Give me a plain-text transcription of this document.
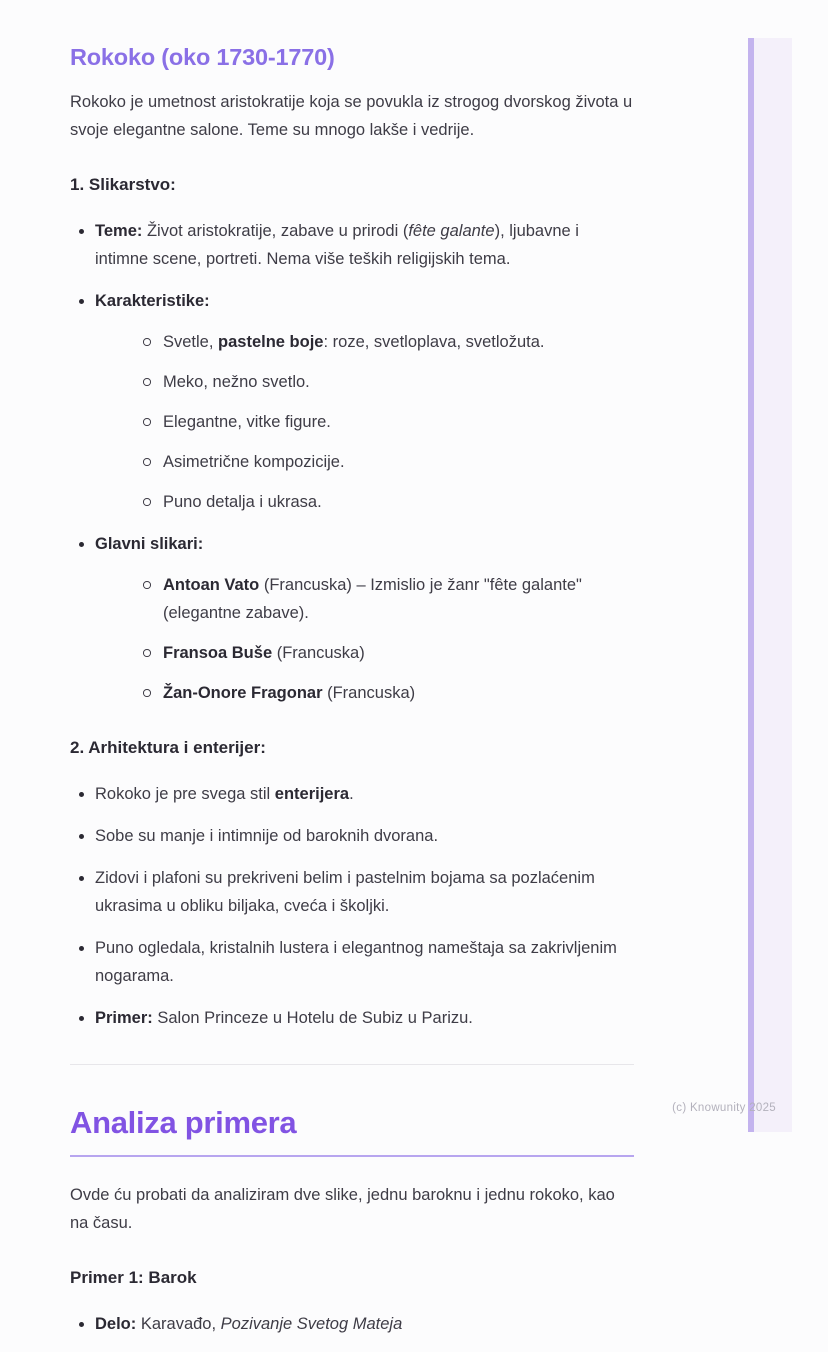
Rokoko (oko 1730-1770)

Rokoko je umetnost aristokratije koja se povukla iz strogog dvorskog života u svoje elegantne salone. Teme su mnogo lakše i vedrije.

1. Slikarstvo:
Teme: Život aristokratije, zabave u prirodi (fête galante), ljubavne i intimne scene, portreti. Nema više teških religijskih tema.
Karakteristike:
Svetle, pastelne boje: roze, svetloplava, svetložuta.
Meko, nežno svetlo.
Elegantne, vitke figure.
Asimetrične kompozicije.
Puno detalja i ukrasa.
Glavni slikari:
Antoan Vato (Francuska) – Izmislio je žanr "fête galante" (elegantne zabave).
Fransoa Buše (Francuska)
Žan-Onore Fragonar (Francuska)
2. Arhitektura i enterijer:
Rokoko je pre svega stil enterijera.
Sobe su manje i intimnije od baroknih dvorana.
Zidovi i plafoni su prekriveni belim i pastelnim bojama sa pozlaćenim ukrasima u obliku biljaka, cveća i školjki.
Puno ogledala, kristalnih lustera i elegantnog nameštaja sa zakrivljenim nogarama.
Primer: Salon Princeze u Hotelu de Subiz u Parizu.
Analiza primera

Ovde ću probati da analiziram dve slike, jednu baroknu i jednu rokoko, kao na času.

Primer 1: Barok
Delo: Karavađo, Pozivanje Svetog Mateja
(c) Knowunity 2025
